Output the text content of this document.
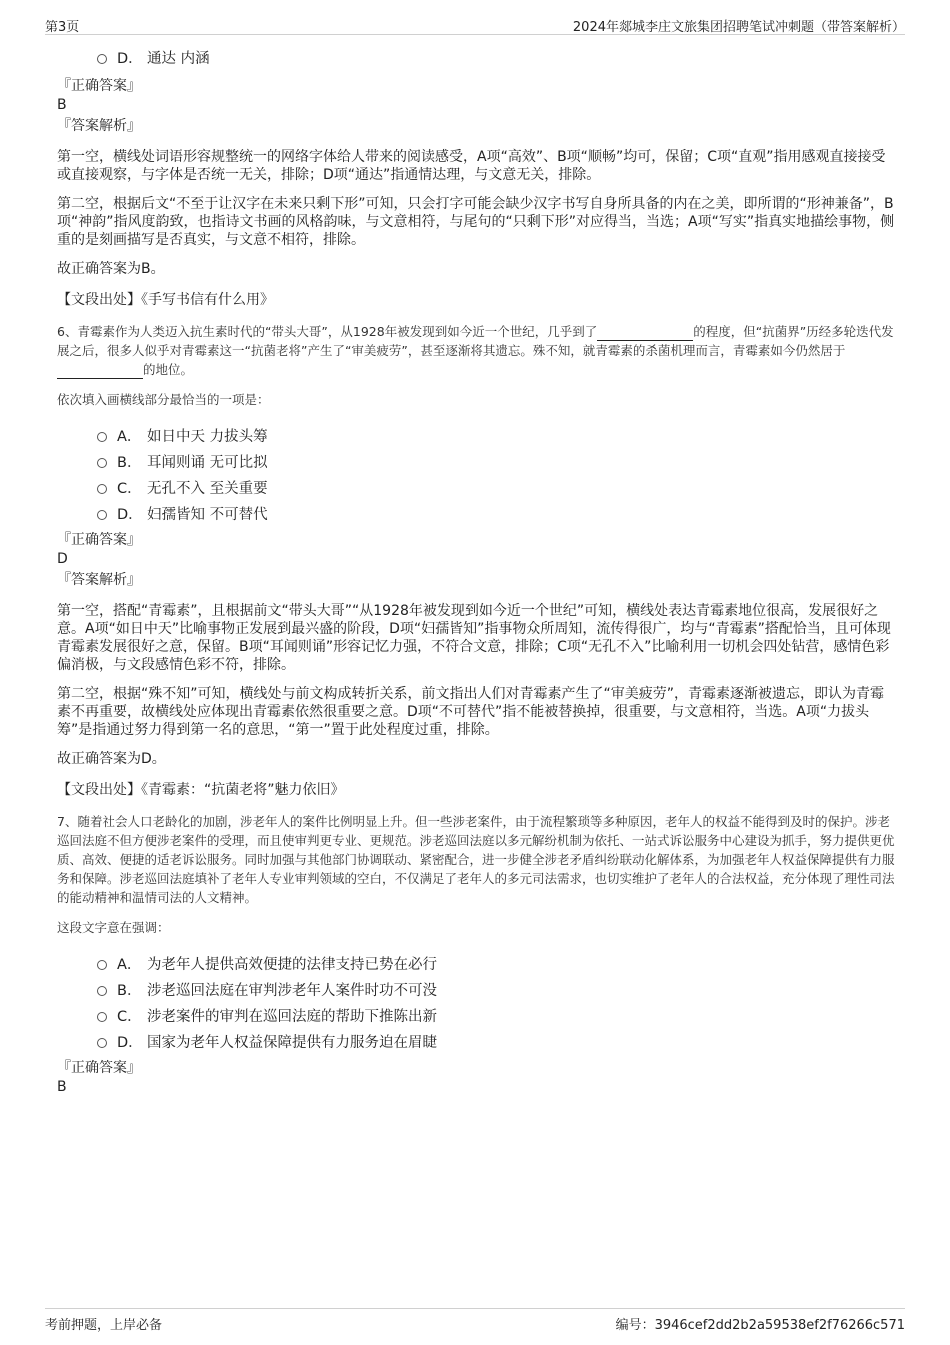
第3页	2024年郯城李庄文旅集团招聘笔试冲刺题（带答案解析）
D． 通达 内涵
『正确答案』
B
『答案解析』
第一空，横线处词语形容规整统一的网络字体给人带来的阅读感受，A项“高效”、B项“顺畅”均可，保留；C项“直观”指用感观直接接受或直接观察，与字体是否统一无关，排除；D项“通达”指通情达理，与文意无关，排除。
第二空，根据后文“不至于让汉字在未来只剩下形”可知，只会打字可能会缺少汉字书写自身所具备的内在之美，即所谓的“形神兼备”，B项“神韵”指风度韵致，也指诗文书画的风格韵味，与文意相符，与尾句的“只剩下形”对应得当，当选；A项“写实”指真实地描绘事物，侧重的是刻画描写是否真实，与文意不相符，排除。
故正确答案为B。
【文段出处】《手写书信有什么用》
6、青霉素作为人类迈入抗生素时代的“带头大哥”，从1928年被发现到如今近一个世纪，几乎到了	的程度，但“抗菌界”历经多轮迭代发展之后，很多人似乎对青霉素这一“抗菌老将”产生了“审美疲劳”，甚至逐渐将其遗忘。殊不知，就青霉素的杀菌机理而言，青霉素如今仍然居于的地位。
依次填入画横线部分最恰当的一项是：
A． 如日中天 力拔头筹
B． 耳闻则诵 无可比拟
C． 无孔不入 至关重要
D． 妇孺皆知 不可替代
『正确答案』
D
『答案解析』
第一空，搭配“青霉素”，且根据前文“带头大哥”“从1928年被发现到如今近一个世纪”可知，横线处表达青霉素地位很高，发展很好之意。A项“如日中天”比喻事物正发展到最兴盛的阶段，D项“妇孺皆知”指事物众所周知，流传得很广，均与“青霉素”搭配恰当，且可体现青霉素发展很好之意，保留。B项“耳闻则诵”形容记忆力强，不符合文意，排除；C项“无孔不入”比喻利用一切机会四处钻营，感情色彩偏消极，与文段感情色彩不符，排除。
第二空，根据“殊不知”可知，横线处与前文构成转折关系，前文指出人们对青霉素产生了“审美疲劳”，青霉素逐渐被遗忘，即认为青霉素不再重要，故横线处应体现出青霉素依然很重要之意。D项“不可替代”指不能被替换掉，很重要，与文意相符，当选。A项“力拔头筹”是指通过努力得到第一名的意思，“第一”置于此处程度过重，排除。
故正确答案为D。
【文段出处】《青霉素：“抗菌老将”魅力依旧》
7、随着社会人口老龄化的加剧，涉老年人的案件比例明显上升。但一些涉老案件，由于流程繁琐等多种原因，老年人的权益不能得到及时的保护。涉老巡回法庭不但方便涉老案件的受理，而且使审判更专业、更规范。涉老巡回法庭以多元解纷机制为依托、一站式诉讼服务中心建设为抓手，努力提供更优质、高效、便捷的适老诉讼服务。同时加强与其他部门协调联动、紧密配合，进一步健全涉老矛盾纠纷联动化解体系，为加强老年人权益保障提供有力服务和保障。涉老巡回法庭填补了老年人专业审判领域的空白，不仅满足了老年人的多元司法需求，也切实维护了老年人的合法权益，充分体现了理性司法的能动精神和温情司法的人文精神。
这段文字意在强调：
A． 为老年人提供高效便捷的法律支持已势在必行
B． 涉老巡回法庭在审判涉老年人案件时功不可没
C． 涉老案件的审判在巡回法庭的帮助下推陈出新
D． 国家为老年人权益保障提供有力服务迫在眉睫
『正确答案』
B
考前押题，上岸必备	编号：3946cef2dd2b2a59538ef2f76266c571
